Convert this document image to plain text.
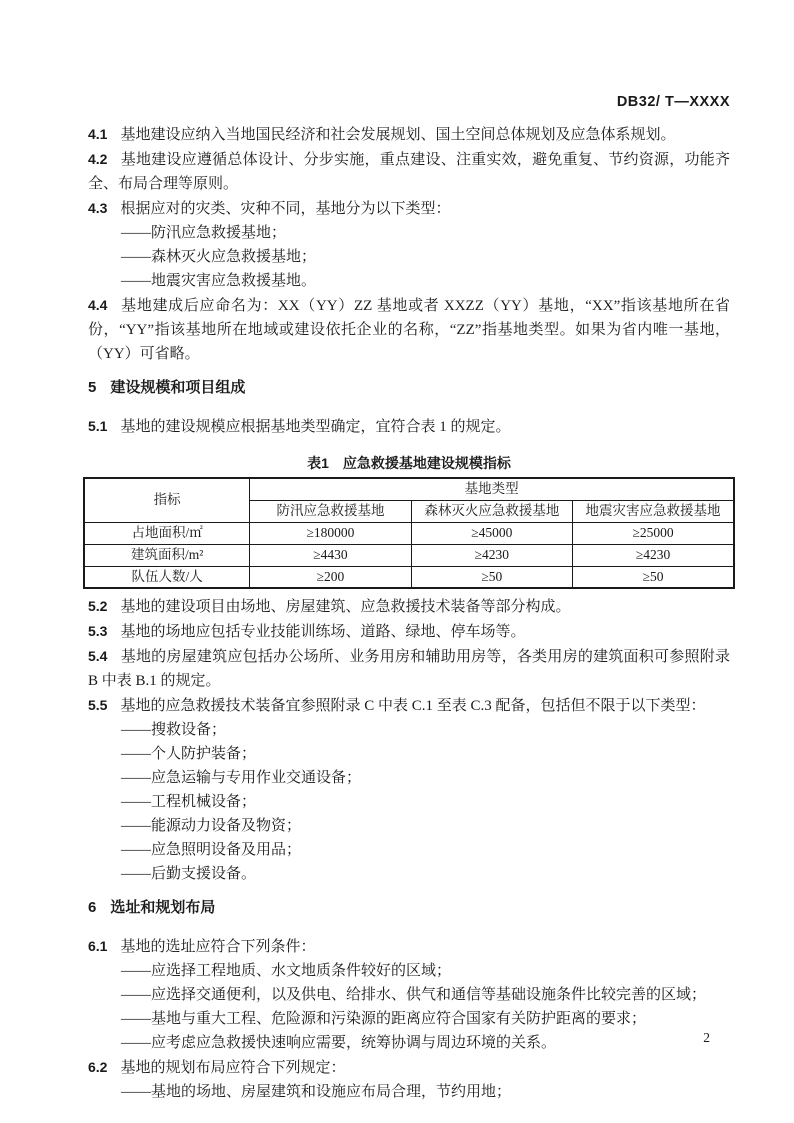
DB32/ T—XXXX

4.1 基地建设应纳入当地国民经济和社会发展规划、国土空间总体规划及应急体系规划。

4.2 基地建设应遵循总体设计、分步实施，重点建设、注重实效，避免重复、节约资源，功能齐全、布局合理等原则。

4.3 根据应对的灾类、灾种不同，基地分为以下类型：

——防汛应急救援基地；

——森林灭火应急救援基地；

——地震灾害应急救援基地。

4.4 基地建成后应命名为：XX（YY）ZZ 基地或者 XXZZ（YY）基地，“XX”指该基地所在省份，“YY”指该基地所在地域或建设依托企业的名称，“ZZ”指基地类型。如果为省内唯一基地，（YY）可省略。

5 建设规模和项目组成

5.1 基地的建设规模应根据基地类型确定，宜符合表 1 的规定。

表1　应急救援基地建设规模指标
指标	基地类型		
	防汛应急救援基地	森林灭火应急救援基地	地震灾害应急救援基地
占地面积/㎡	≥180000	≥45000	≥25000
建筑面积/m²	≥4430	≥4230	≥4230
队伍人数/人	≥200	≥50	≥50

5.2 基地的建设项目由场地、房屋建筑、应急救援技术装备等部分构成。

5.3 基地的场地应包括专业技能训练场、道路、绿地、停车场等。

5.4 基地的房屋建筑应包括办公场所、业务用房和辅助用房等，各类用房的建筑面积可参照附录 B 中表 B.1 的规定。

5.5 基地的应急救援技术装备宜参照附录 C 中表 C.1 至表 C.3 配备，包括但不限于以下类型：

——搜救设备；

——个人防护装备；

——应急运输与专用作业交通设备；

——工程机械设备；

——能源动力设备及物资；

——应急照明设备及用品；

——后勤支援设备。

6 选址和规划布局

6.1 基地的选址应符合下列条件：

——应选择工程地质、水文地质条件较好的区域；

——应选择交通便利，以及供电、给排水、供气和通信等基础设施条件比较完善的区域；

——基地与重大工程、危险源和污染源的距离应符合国家有关防护距离的要求；

——应考虑应急救援快速响应需要，统筹协调与周边环境的关系。

6.2 基地的规划布局应符合下列规定：

——基地的场地、房屋建筑和设施应布局合理，节约用地；

2
